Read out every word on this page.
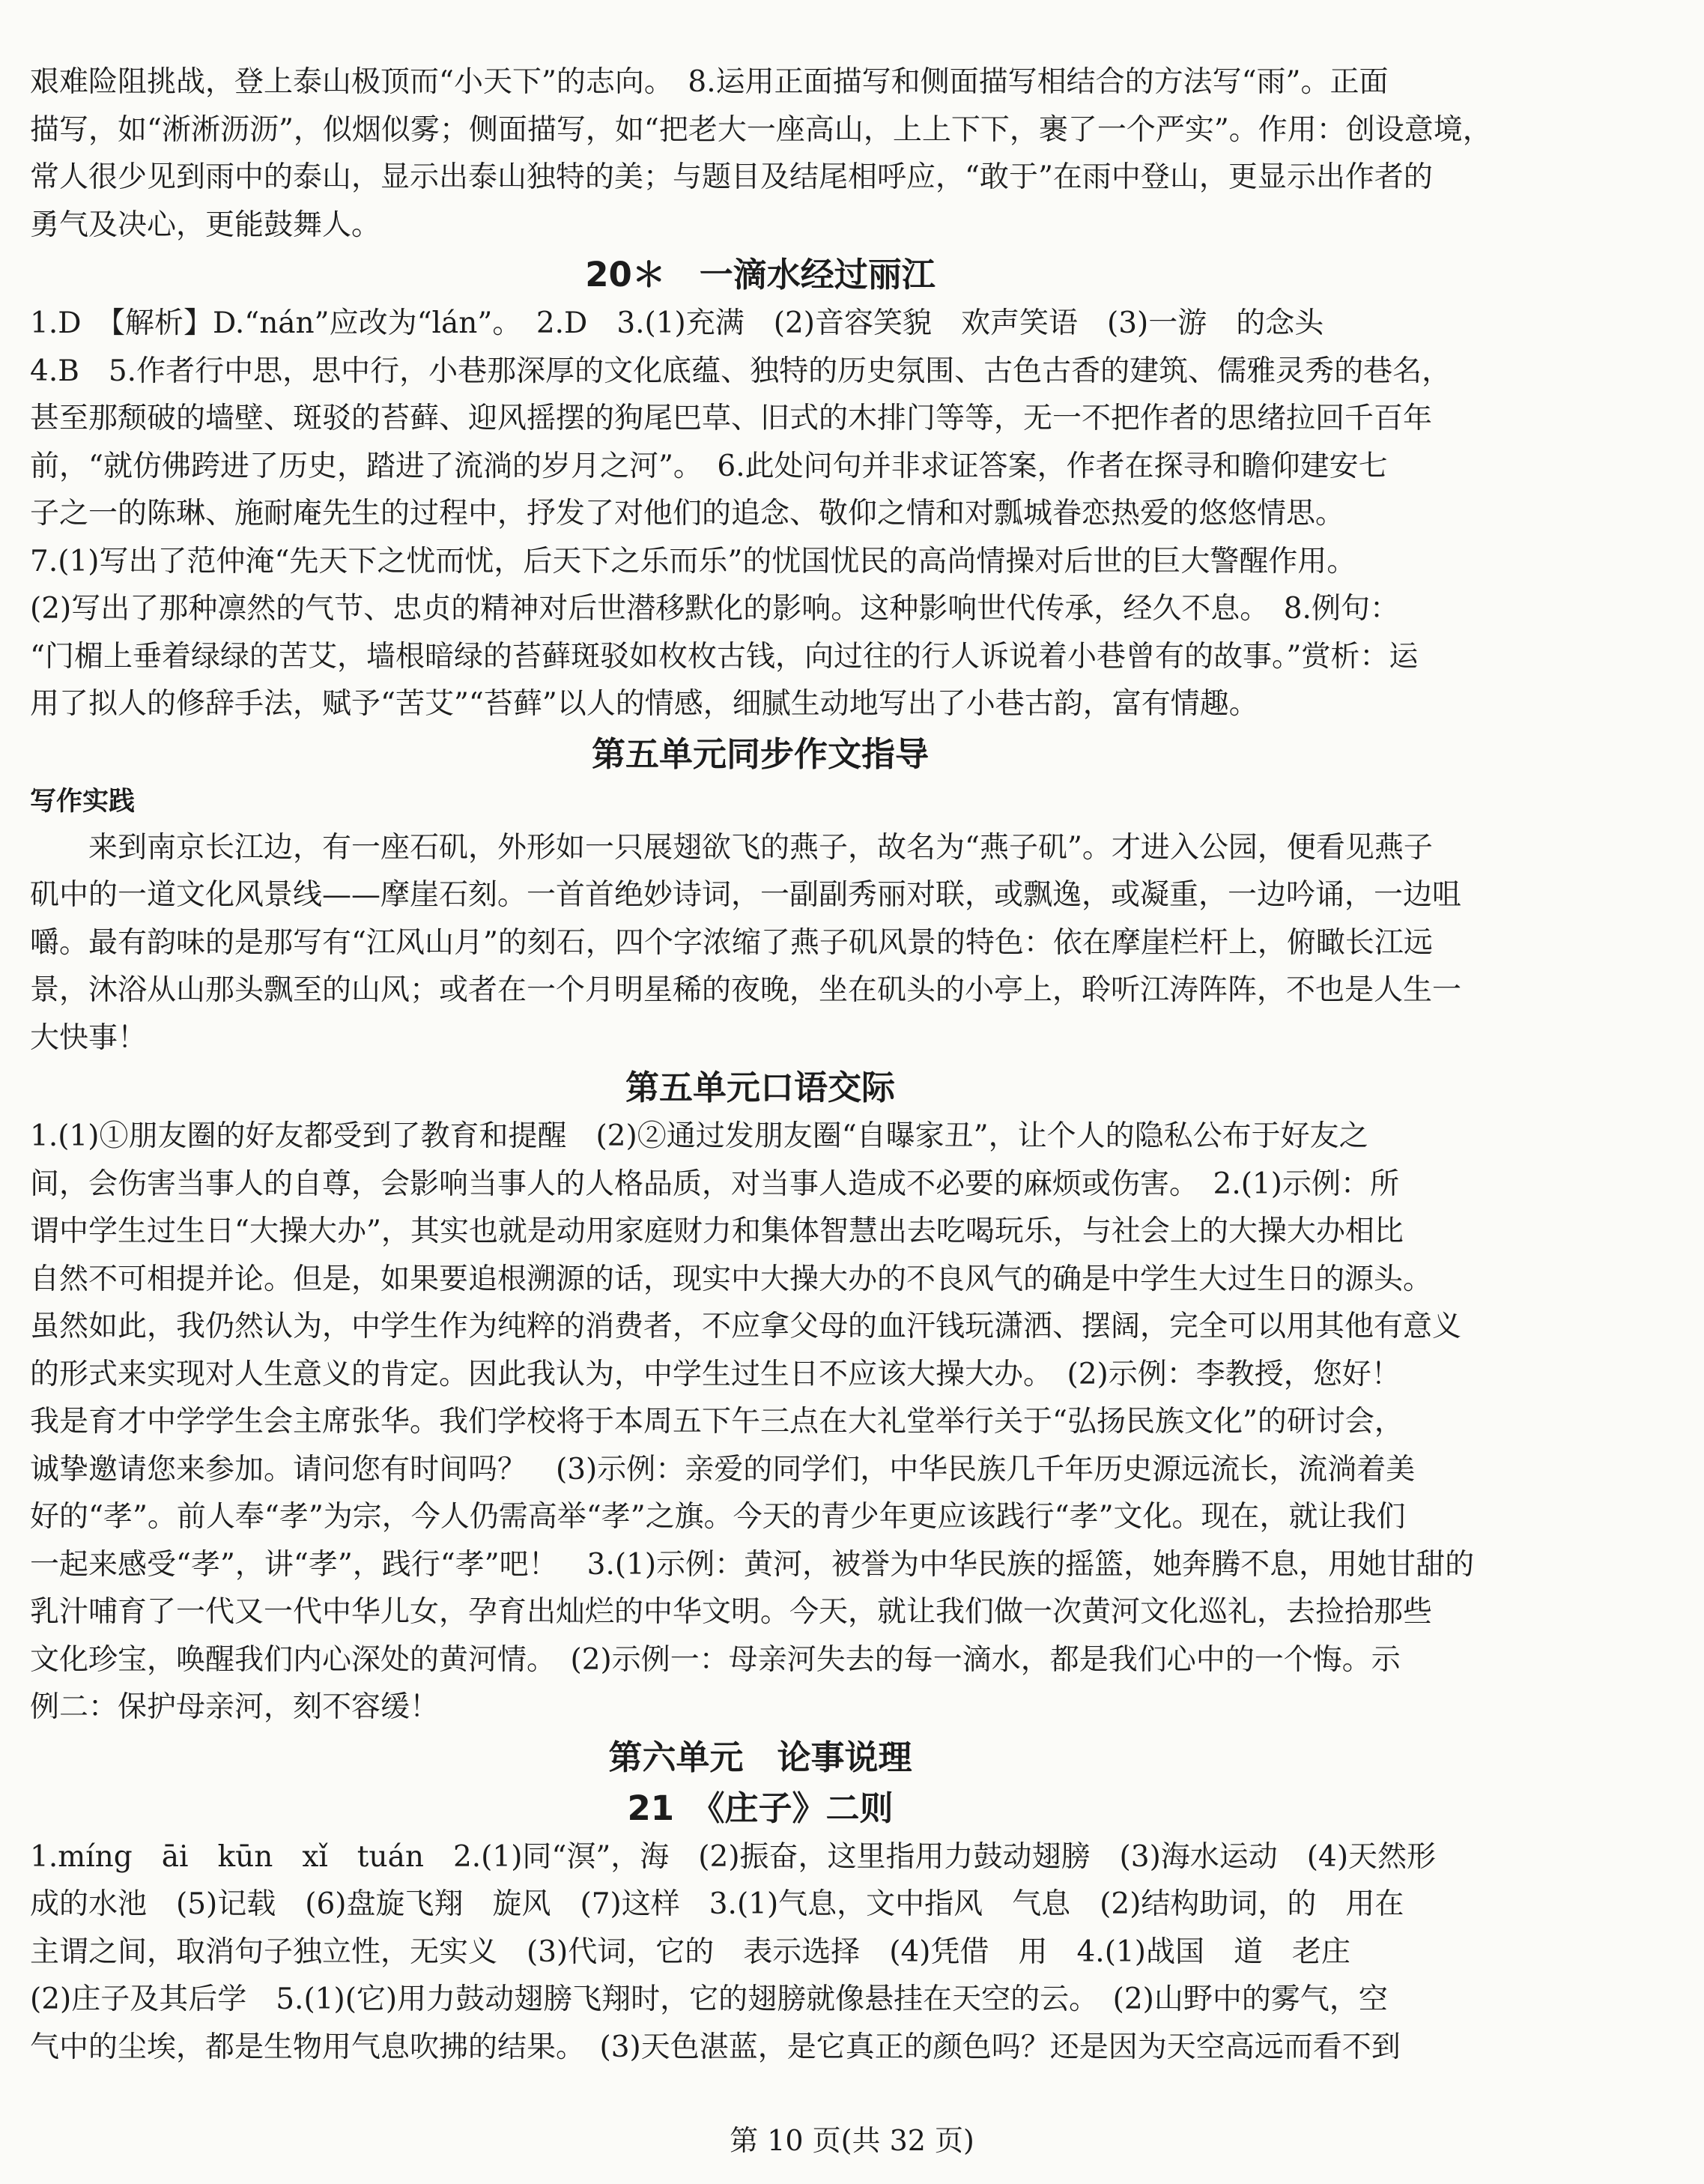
艰难险阻挑战，登上泰山极顶而“小天下”的志向。　8.运用正面描写和侧面描写相结合的方法写“雨”。正面
描写，如“淅淅沥沥”，似烟似雾；侧面描写，如“把老大一座高山，上上下下，裹了一个严实”。作用：创设意境，
常人很少见到雨中的泰山，显示出泰山独特的美；与题目及结尾相呼应，“敢于”在雨中登山，更显示出作者的
勇气及决心，更能鼓舞人。
20＊　一滴水经过丽江
1.D　【解析】D.“nán”应改为“lán”。　2.D　3.(1)充满　(2)音容笑貌　欢声笑语　(3)一游　的念头
4.B　5.作者行中思，思中行，小巷那深厚的文化底蕴、独特的历史氛围、古色古香的建筑、儒雅灵秀的巷名，
甚至那颓破的墙壁、斑驳的苔藓、迎风摇摆的狗尾巴草、旧式的木排门等等，无一不把作者的思绪拉回千百年
前，“就仿佛跨进了历史，踏进了流淌的岁月之河”。　6.此处问句并非求证答案，作者在探寻和瞻仰建安七
子之一的陈琳、施耐庵先生的过程中，抒发了对他们的追念、敬仰之情和对瓢城眷恋热爱的悠悠情思。
7.(1)写出了范仲淹“先天下之忧而忧，后天下之乐而乐”的忧国忧民的高尚情操对后世的巨大警醒作用。
(2)写出了那种凛然的气节、忠贞的精神对后世潜移默化的影响。这种影响世代传承，经久不息。　8.例句：
“门楣上垂着绿绿的苦艾，墙根暗绿的苔藓斑驳如枚枚古钱，向过往的行人诉说着小巷曾有的故事。”赏析：运
用了拟人的修辞手法，赋予“苦艾”“苔藓”以人的情感，细腻生动地写出了小巷古韵，富有情趣。
第五单元同步作文指导
写作实践
来到南京长江边，有一座石矶，外形如一只展翅欲飞的燕子，故名为“燕子矶”。才进入公园，便看见燕子
矶中的一道文化风景线——摩崖石刻。一首首绝妙诗词，一副副秀丽对联，或飘逸，或凝重，一边吟诵，一边咀
嚼。最有韵味的是那写有“江风山月”的刻石，四个字浓缩了燕子矶风景的特色：依在摩崖栏杆上，俯瞰长江远
景，沐浴从山那头飘至的山风；或者在一个月明星稀的夜晚，坐在矶头的小亭上，聆听江涛阵阵，不也是人生一
大快事！
第五单元口语交际
1.(1)①朋友圈的好友都受到了教育和提醒　(2)②通过发朋友圈“自曝家丑”，让个人的隐私公布于好友之
间，会伤害当事人的自尊，会影响当事人的人格品质，对当事人造成不必要的麻烦或伤害。　2.(1)示例：所
谓中学生过生日“大操大办”，其实也就是动用家庭财力和集体智慧出去吃喝玩乐，与社会上的大操大办相比
自然不可相提并论。但是，如果要追根溯源的话，现实中大操大办的不良风气的确是中学生大过生日的源头。
虽然如此，我仍然认为，中学生作为纯粹的消费者，不应拿父母的血汗钱玩潇洒、摆阔，完全可以用其他有意义
的形式来实现对人生意义的肯定。因此我认为，中学生过生日不应该大操大办。　(2)示例：李教授，您好！
我是育才中学学生会主席张华。我们学校将于本周五下午三点在大礼堂举行关于“弘扬民族文化”的研讨会，
诚挚邀请您来参加。请问您有时间吗？　(3)示例：亲爱的同学们，中华民族几千年历史源远流长，流淌着美
好的“孝”。前人奉“孝”为宗，今人仍需高举“孝”之旗。今天的青少年更应该践行“孝”文化。现在，就让我们
一起来感受“孝”，讲“孝”，践行“孝”吧！　3.(1)示例：黄河，被誉为中华民族的摇篮，她奔腾不息，用她甘甜的
乳汁哺育了一代又一代中华儿女，孕育出灿烂的中华文明。今天，就让我们做一次黄河文化巡礼，去捡拾那些
文化珍宝，唤醒我们内心深处的黄河情。　(2)示例一：母亲河失去的每一滴水，都是我们心中的一个悔。示
例二：保护母亲河，刻不容缓！
第六单元　论事说理
21　《庄子》二则
1.míng　āi　kūn　xǐ　tuán　2.(1)同“溟”，海　(2)振奋，这里指用力鼓动翅膀　(3)海水运动　(4)天然形
成的水池　(5)记载　(6)盘旋飞翔　旋风　(7)这样　3.(1)气息，文中指风　气息　(2)结构助词，的　用在
主谓之间，取消句子独立性，无实义　(3)代词，它的　表示选择　(4)凭借　用　4.(1)战国　道　老庄
(2)庄子及其后学　5.(1)(它)用力鼓动翅膀飞翔时，它的翅膀就像悬挂在天空的云。　(2)山野中的雾气，空
气中的尘埃，都是生物用气息吹拂的结果。　(3)天色湛蓝，是它真正的颜色吗？还是因为天空高远而看不到
第 10 页(共 32 页)
